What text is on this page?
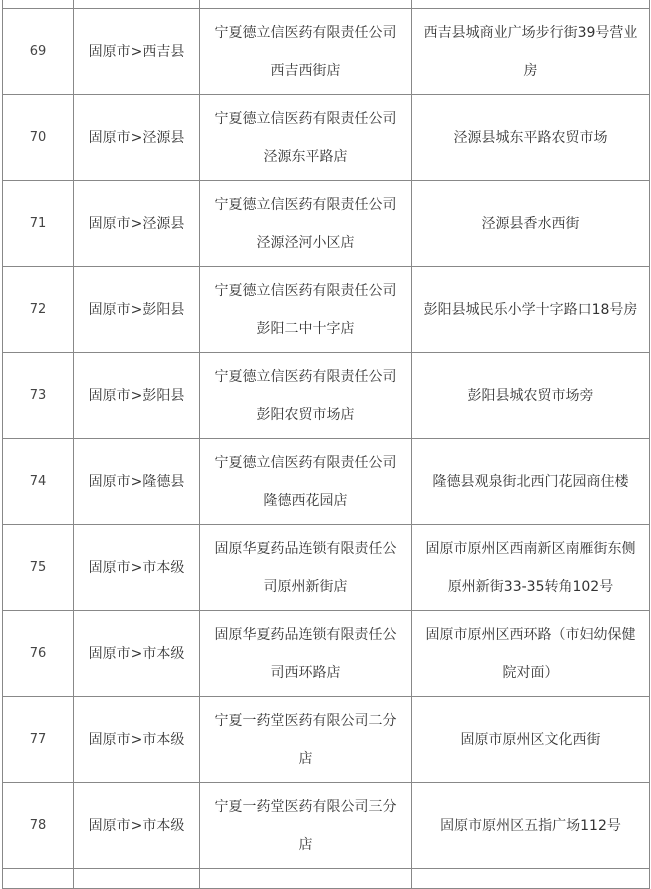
69	固原市>西吉县	宁夏德立信医药有限责任公司西吉西街店	西吉县城商业广场步行街39号营业房

70	固原市>泾源县	宁夏德立信医药有限责任公司泾源东平路店	泾源县城东平路农贸市场

71	固原市>泾源县	宁夏德立信医药有限责任公司泾源泾河小区店	泾源县香水西街

72	固原市>彭阳县	宁夏德立信医药有限责任公司彭阳二中十字店	彭阳县城民乐小学十字路口18号房

73	固原市>彭阳县	宁夏德立信医药有限责任公司彭阳农贸市场店	彭阳县城农贸市场旁

74	固原市>隆德县	宁夏德立信医药有限责任公司隆德西花园店	隆德县观泉街北西门花园商住楼

75	固原市>市本级	固原华夏药品连锁有限责任公司原州新街店	固原市原州区西南新区南雁街东侧原州新街33-35转角102号

76	固原市>市本级	固原华夏药品连锁有限责任公司西环路店	固原市原州区西环路（市妇幼保健院对面）

77	固原市>市本级	宁夏一药堂医药有限公司二分店	固原市原州区文化西街

78	固原市>市本级	宁夏一药堂医药有限公司三分店	固原市原州区五指广场112号
